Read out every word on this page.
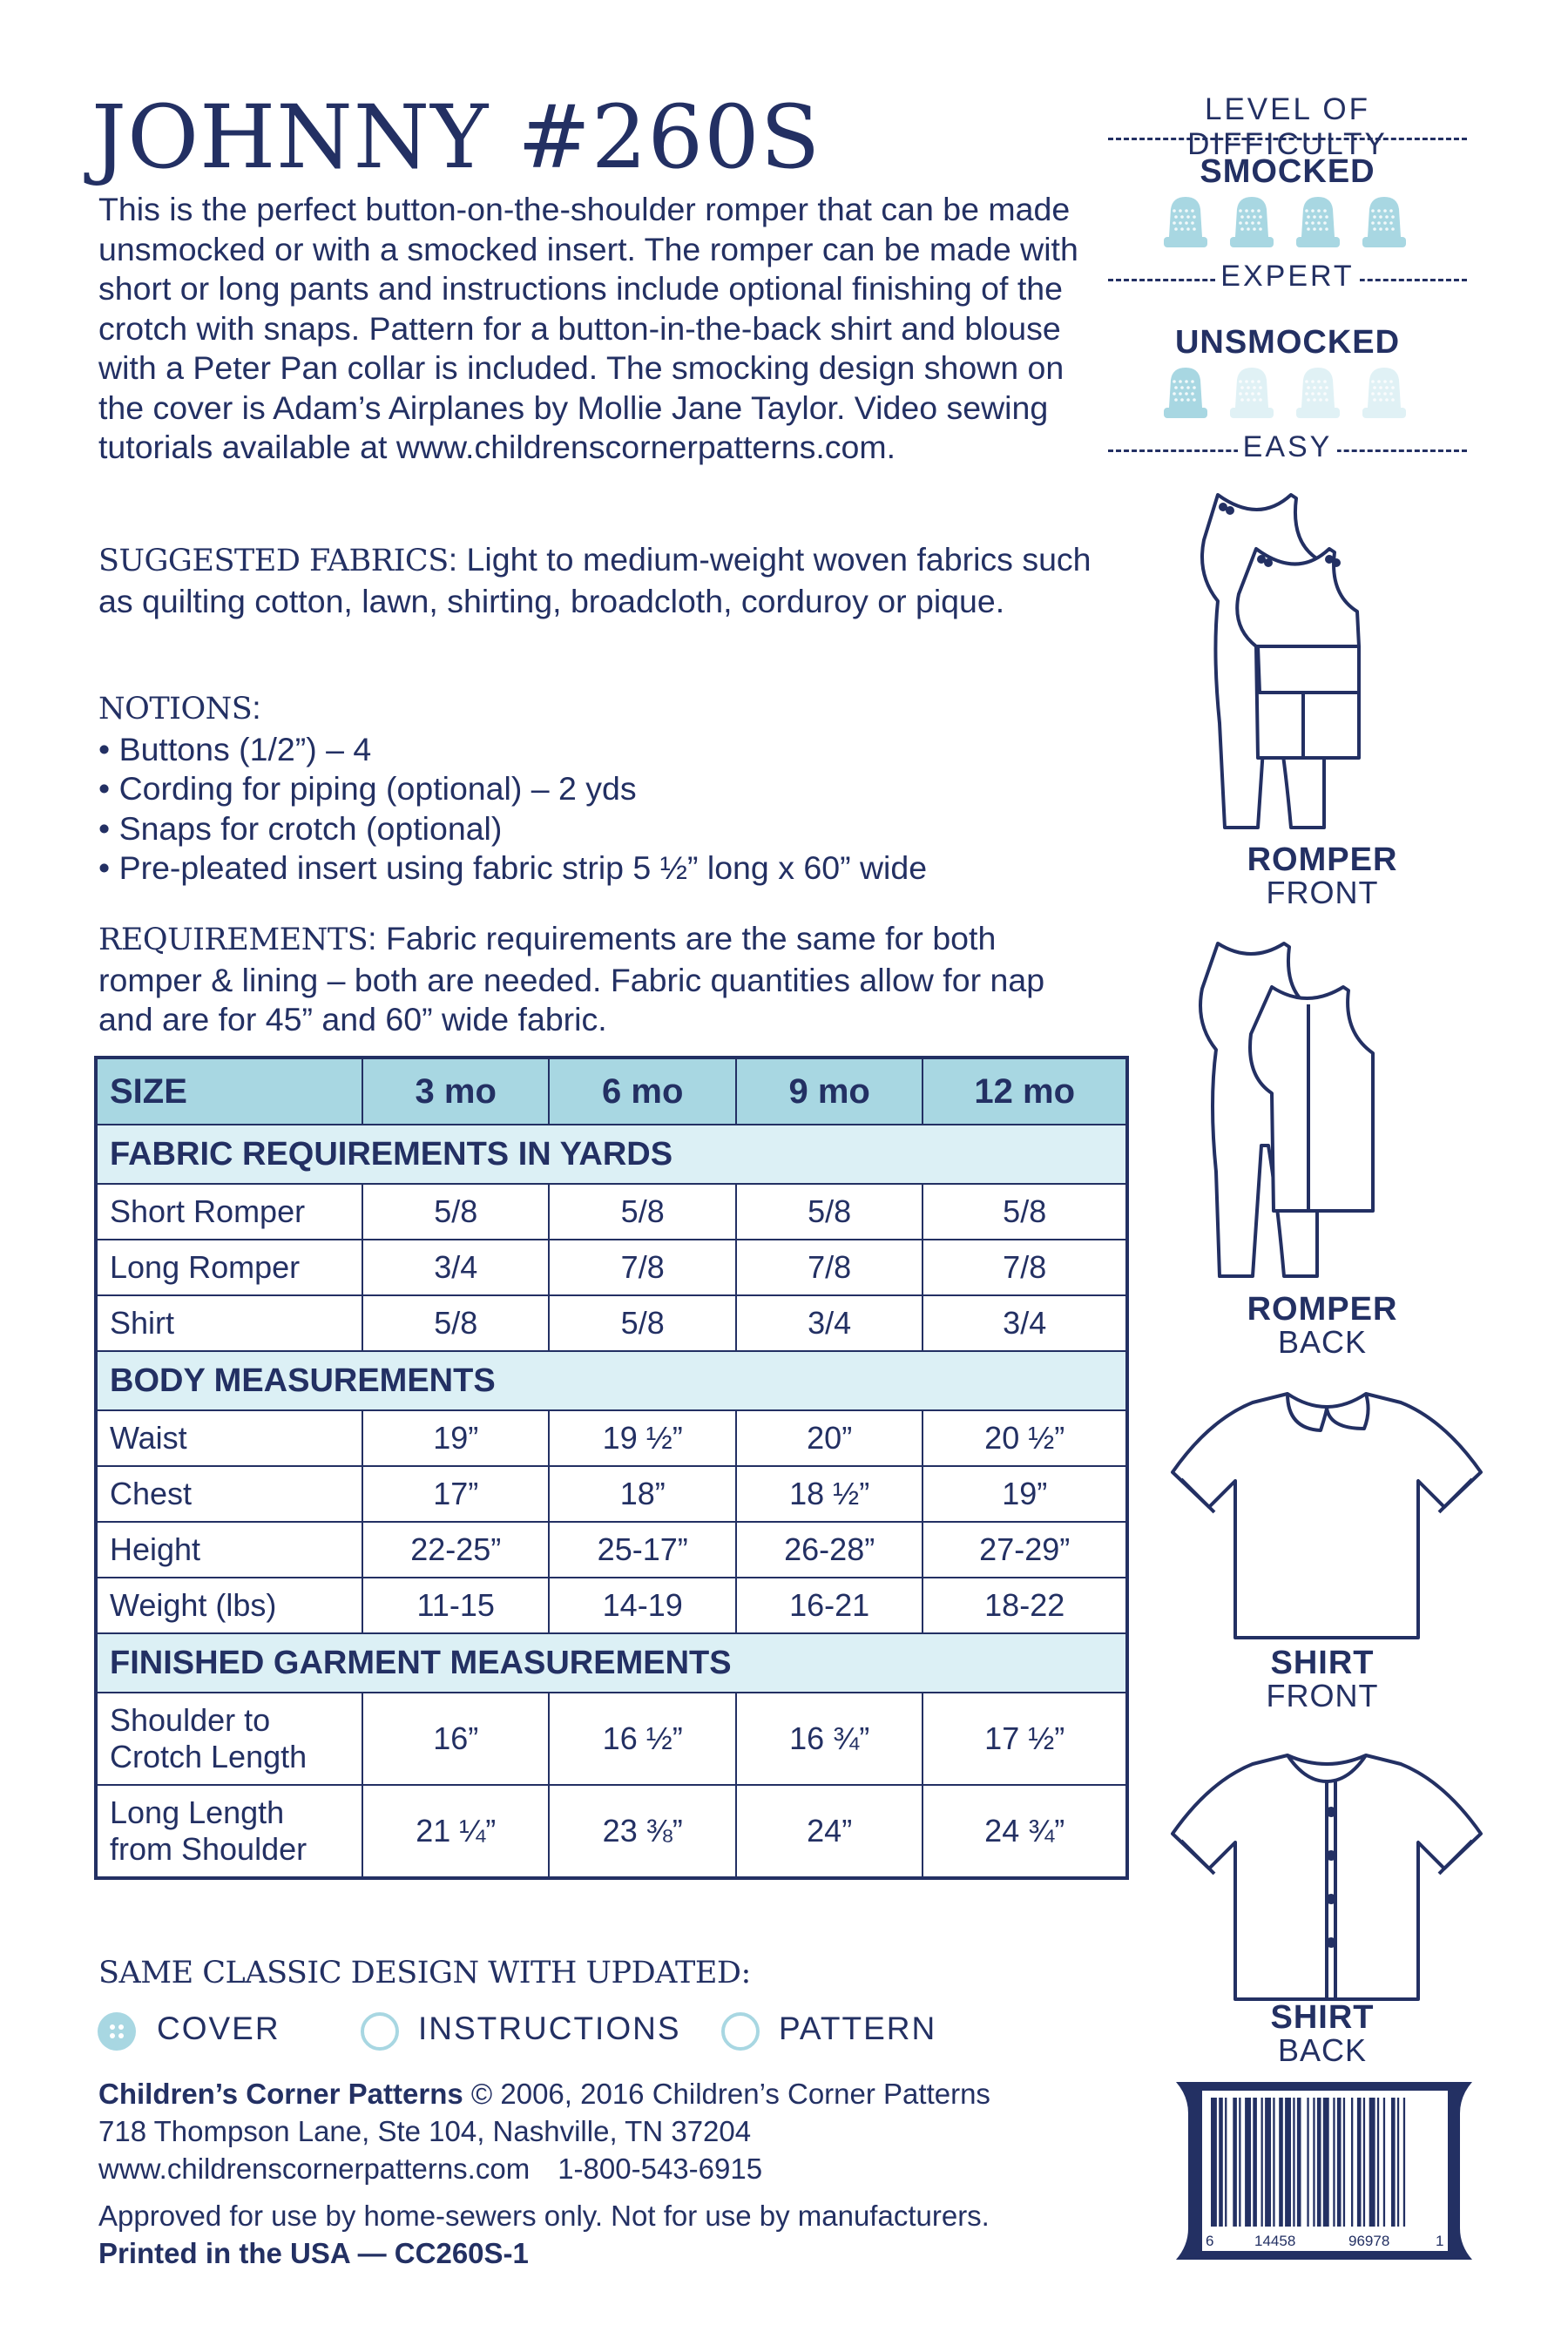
JOHNNY #260S
This is the perfect button-on-the-shoulder romper that can be made unsmocked or with a smocked insert. The romper can be made with short or long pants and instructions include optional finishing of the crotch with snaps. Pattern for a button-in-the-back shirt and blouse with a Peter Pan collar is included. The smocking design shown on the cover is Adam’s Airplanes by Mollie Jane Taylor. Video sewing tutorials available at www.childrenscornerpatterns.com.
SUGGESTED FABRICS: Light to medium-weight woven fabrics such as quilting cotton, lawn, shirting, broadcloth, corduroy or pique.
NOTIONS:
• Buttons (1/2”) – 4
• Cording for piping (optional) – 2 yds
• Snaps for crotch (optional)
• Pre-pleated insert using fabric strip 5 ½” long x 60” wide
REQUIREMENTS: Fabric requirements are the same for both romper & lining – both are needed. Fabric quantities allow for nap and are for 45” and 60” wide fabric.
SIZE	3 mo	6 mo	9 mo	12 mo
FABRIC REQUIREMENTS IN YARDS				
Short Romper	5/8	5/8	5/8	5/8
Long Romper	3/4	7/8	7/8	7/8
Shirt	5/8	5/8	3/4	3/4
BODY MEASUREMENTS				
Waist	19”	19 ½”	20”	20 ½”
Chest	17”	18”	18 ½”	19”
Height	22-25”	25-17”	26-28”	27-29”
Weight (lbs)	11-15	14-19	16-21	18-22
FINISHED GARMENT MEASUREMENTS				
Shoulder to
Crotch Length	16”	16 ½”	16 ¾”	17 ½”
Long Length
from Shoulder	21 ¼”	23 ⅜”	24”	24 ¾”
SAME CLASSIC DESIGN WITH UPDATED:
COVER	INSTRUCTIONS	PATTERN
Children’s Corner Patterns © 2006, 2016 Children’s Corner Patterns
718 Thompson Lane, Ste 104, Nashville, TN 37204
www.childrenscornerpatterns.com 1-800-543-6915
Approved for use by home-sewers only. Not for use by manufacturers.
Printed in the USA — CC260S-1
LEVEL OF DIFFICULTY
SMOCKED
EXPERT
UNSMOCKED
EASY
ROMPER
FRONT
ROMPER
BACK
SHIRT
FRONT
SHIRT
BACK
6	14458	96978	1
